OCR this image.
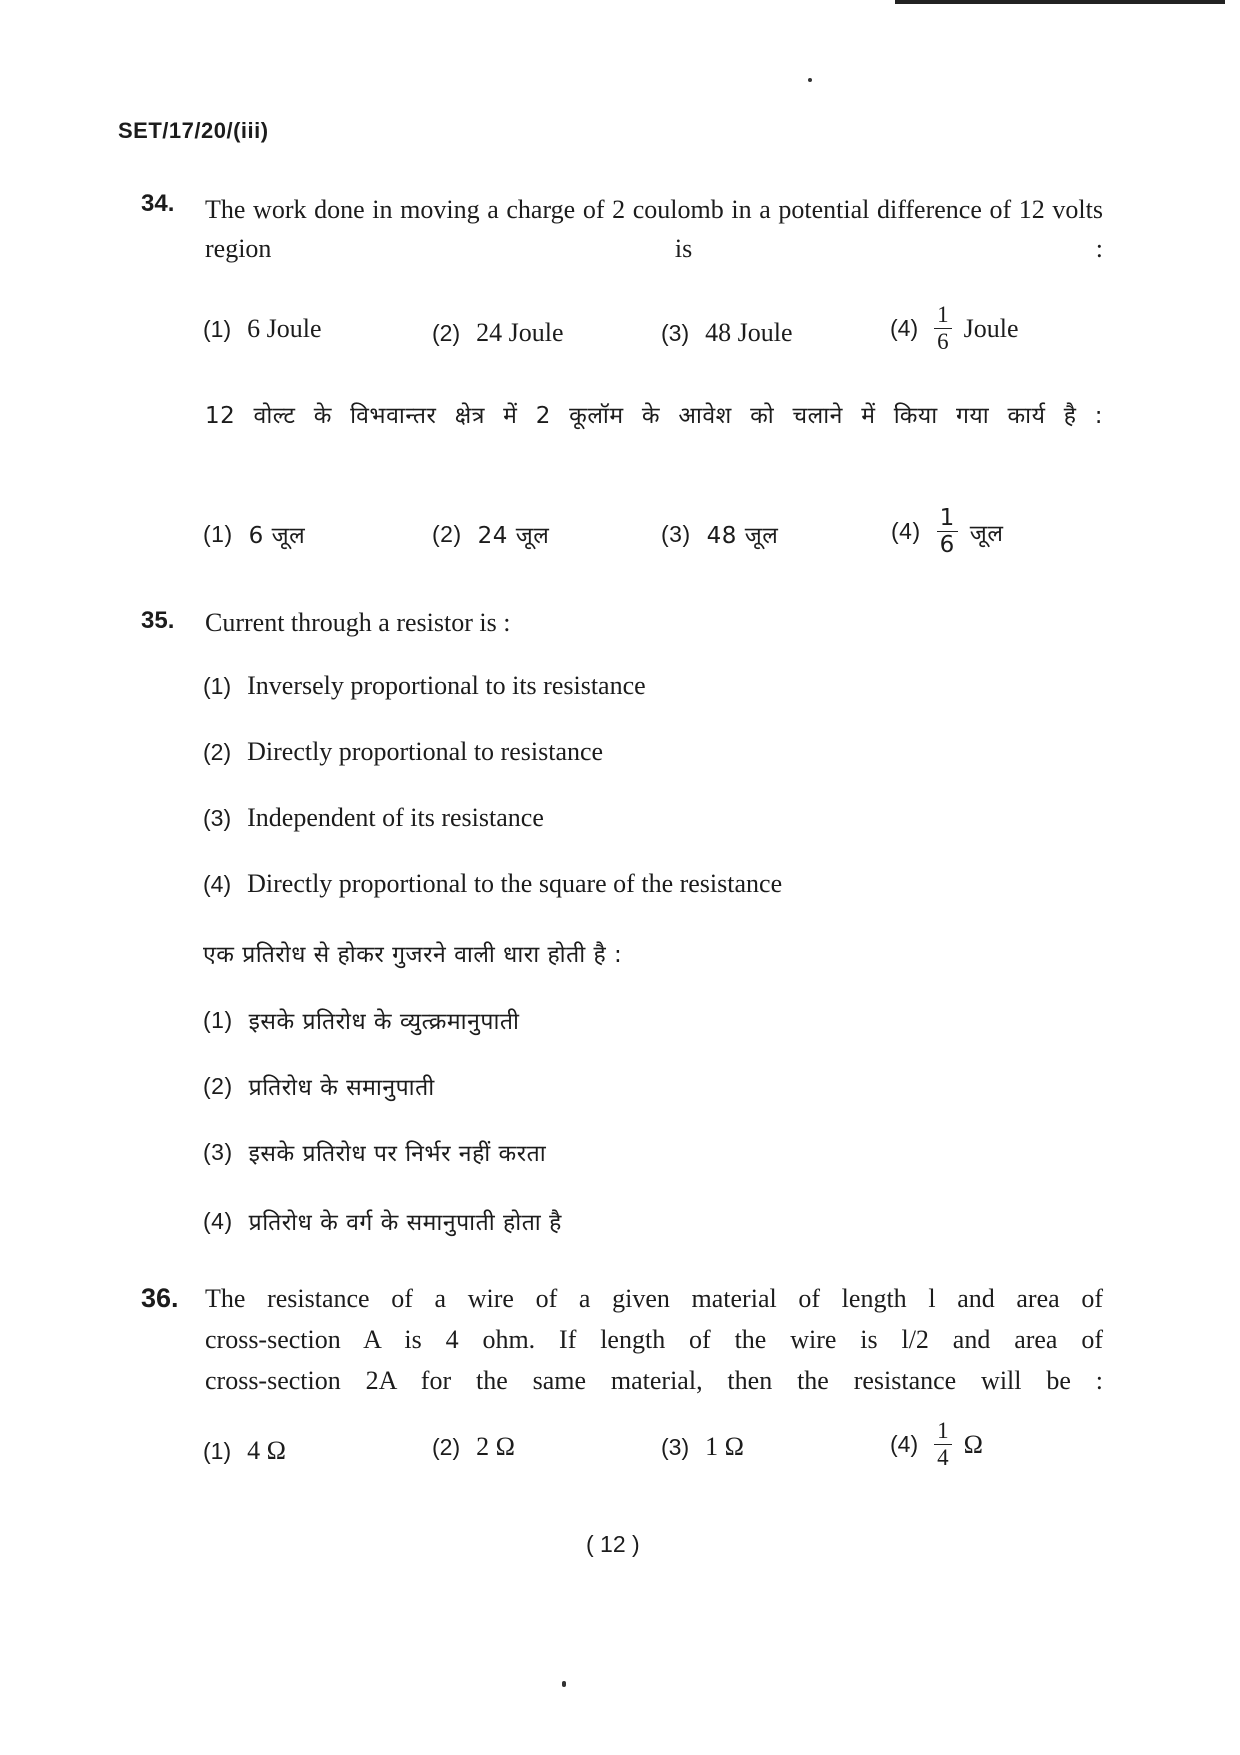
SET/17/20/(iii)
34. The work done in moving a charge of 2 coulomb in a potential difference of 12 volts region is :
(1) 6 Joule	(2) 24 Joule	(3) 48 Joule	$(4) \frac{1}{6}$ Joule
12 वोल्ट के विभवान्तर क्षेत्र में 2 कूलॉम के आवेश को चलाने में किया गया कार्य है :
(1) 6 जूल	(2) 24 जूल	(3) 48 जूल	$(4) \frac{1}{6}$ जूल
35. Current through a resistor is :
(1) Inversely proportional to its resistance
(2) Directly proportional to resistance
(3) Independent of its resistance
(4) Directly proportional to the square of the resistance
एक प्रतिरोध से होकर गुजरने वाली धारा होती है :
(1) इसके प्रतिरोध के व्युत्क्रमानुपाती
(2) प्रतिरोध के समानुपाती
(3) इसके प्रतिरोध पर निर्भर नहीं करता
(4) प्रतिरोध के वर्ग के समानुपाती होता है
36. The resistance of a wire of a given material of length l and area of
cross-section A is 4 ohm. If length of the wire is l/2 and area of
cross-section 2A for the same material, then the resistance will be :
(1) 4 Ω	(2) 2 Ω	(3) 1 Ω	$(4) \frac{1}{4}$ Ω
( 12 )
